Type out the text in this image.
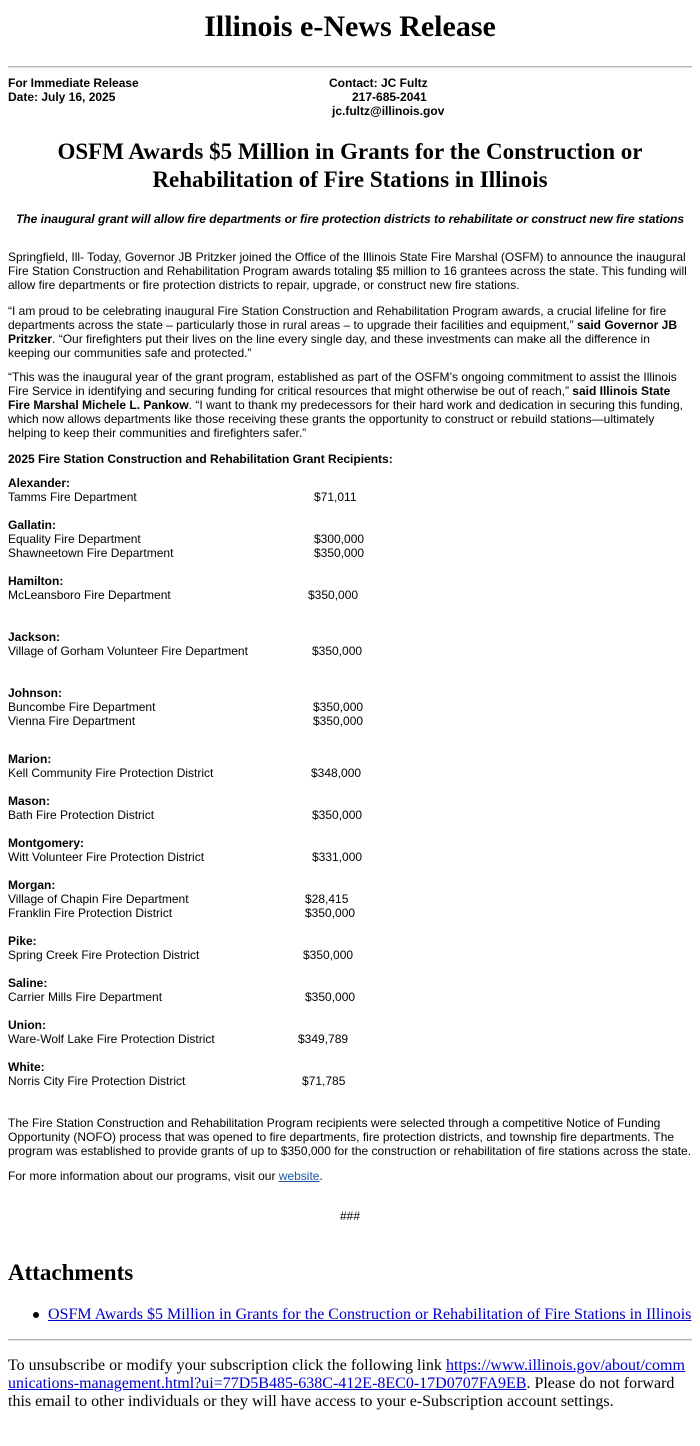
Illinois e-News Release
For Immediate Release
Date: July 16, 2025
Contact: JC Fultz
217-685-2041
jc.fultz@illinois.gov
OSFM Awards $5 Million in Grants for the Construction or
Rehabilitation of Fire Stations in Illinois
The inaugural grant will allow fire departments or fire protection districts to rehabilitate or construct new fire stations

Springfield, Ill- Today, Governor JB Pritzker joined the Office of the Illinois State Fire Marshal (OSFM) to announce the inaugural Fire Station Construction and Rehabilitation Program awards totaling $5 million to 16 grantees across the state. This funding will allow fire departments or fire protection districts to repair, upgrade, or construct new fire stations.

“I am proud to be celebrating inaugural Fire Station Construction and Rehabilitation Program awards, a crucial lifeline for fire departments across the state – particularly those in rural areas – to upgrade their facilities and equipment,” said Governor JB Pritzker. “Our firefighters put their lives on the line every single day, and these investments can make all the difference in keeping our communities safe and protected.”

“This was the inaugural year of the grant program, established as part of the OSFM’s ongoing commitment to assist the Illinois Fire Service in identifying and securing funding for critical resources that might otherwise be out of reach,” said Illinois State Fire Marshal Michele L. Pankow. “I want to thank my predecessors for their hard work and dedication in securing this funding, which now allows departments like those receiving these grants the opportunity to construct or rebuild stations—ultimately helping to keep their communities and firefighters safer.”

2025 Fire Station Construction and Rehabilitation Grant Recipients:
Alexander:
Tamms Fire Department	$71,011
Gallatin:
Equality Fire Department	$300,000
Shawneetown Fire Department	$350,000
Hamilton:
McLeansboro Fire Department	$350,000
Jackson:
Village of Gorham Volunteer Fire Department	$350,000
Johnson:
Buncombe Fire Department	$350,000
Vienna Fire Department	$350,000
Marion:
Kell Community Fire Protection District	$348,000
Mason:
Bath Fire Protection District	$350,000
Montgomery:
Witt Volunteer Fire Protection District	$331,000
Morgan:
Village of Chapin Fire Department	$28,415
Franklin Fire Protection District	$350,000
Pike:
Spring Creek Fire Protection District	$350,000
Saline:
Carrier Mills Fire Department	$350,000
Union:
Ware-Wolf Lake Fire Protection District	$349,789
White:
Norris City Fire Protection District	$71,785

The Fire Station Construction and Rehabilitation Program recipients were selected through a competitive Notice of Funding Opportunity (NOFO) process that was opened to fire departments, fire protection districts, and township fire departments. The program was established to provide grants of up to $350,000 for the construction or rehabilitation of fire stations across the state.

For more information about our programs, visit our website.

###
Attachments
OSFM Awards $5 Million in Grants for the Construction or Rehabilitation of Fire Stations in Illinois

To unsubscribe or modify your subscription click the following link https://www.illinois.gov/about/communications-management.html?ui=77D5B485-638C-412E-8EC0-17D0707FA9EB. Please do not forward this email to other individuals or they will have access to your e-Subscription account settings.
